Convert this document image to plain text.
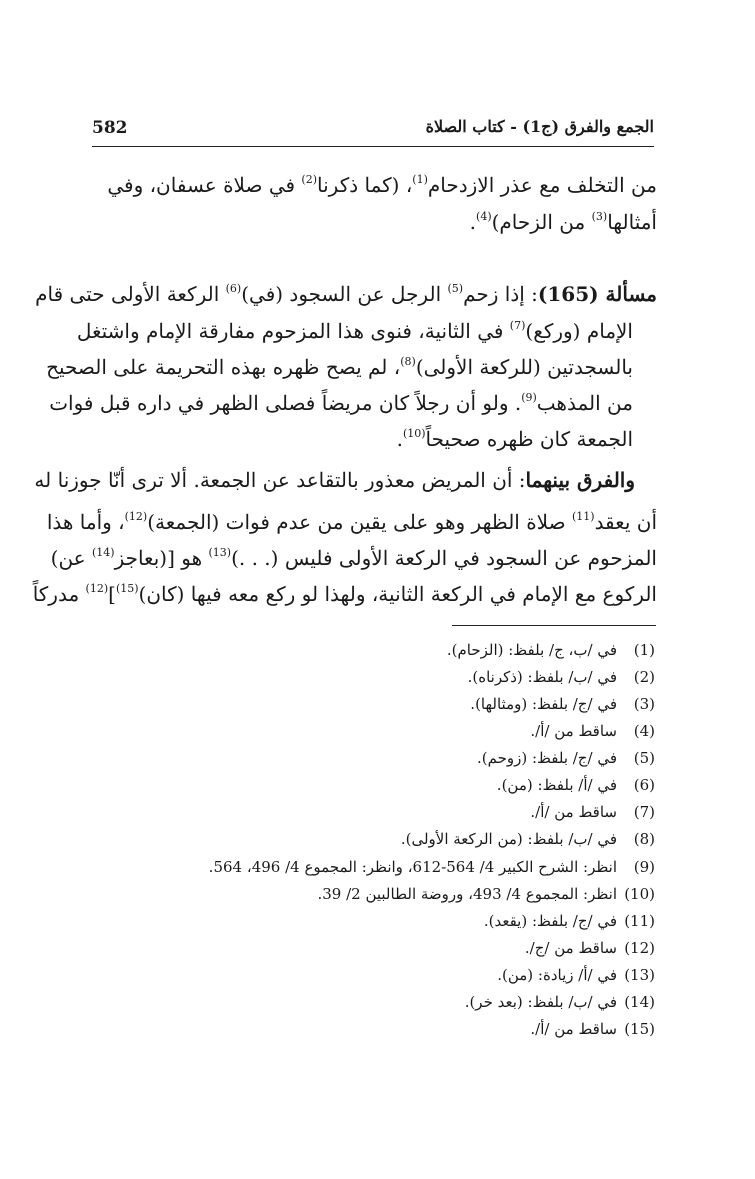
582	الجمع والفرق (ج1) - كتاب الصلاة
من التخلف مع عذر الازدحام$^{(1)}$، (كما ذكرنا$^{(2)}$ في صلاة عسفان، وفي
أمثالها$^{(3)}$ من الزحام)$^{(4)}$.
مسألة (165): إذا زحم$^{(5)}$ الرجل عن السجود (في)$^{(6)}$ الركعة الأولى حتى قام
الإمام (وركع)$^{(7)}$ في الثانية، فنوى هذا المزحوم مفارقة الإمام واشتغل
بالسجدتين (للركعة الأولى)$^{(8)}$، لم يصح ظهره بهذه التحريمة على الصحيح
من المذهب$^{(9)}$. ولو أن رجلاً كان مريضاً فصلى الظهر في داره قبل فوات
الجمعة كان ظهره صحيحاً$^{(10)}$.
والفرق بينهما: أن المريض معذور بالتقاعد عن الجمعة. ألا ترى أنّا جوزنا له
أن يعقد$^{(11)}$ صلاة الظهر وهو على يقين من عدم فوات (الجمعة)$^{(12)}$، وأما هذا
المزحوم عن السجود في الركعة الأولى فليس (. . .)$^{(13)}$ هو [(بعاجز$^{(14)}$ عن)
الركوع مع الإمام في الركعة الثانية، ولهذا لو ركع معه فيها (كان)$^{(15)}$]$^{(12)}$ مدركاً
(1)في /ب، ج/ بلفظ: (الزحام).
(2)في /ب/ بلفظ: (ذكرناه).
(3)في /ج/ بلفظ: (ومثالها).
(4)ساقط من /أ/.
(5)في /ج/ بلفظ: (زوحم).
(6)في /أ/ بلفظ: (من).
(7)ساقط من /أ/.
(8)في /ب/ بلفظ: (من الركعة الأولى).
(9)انظر: الشرح الكبير 4/ 564-612، وانظر: المجموع 4/ 496، 564.
(10)انظر: المجموع 4/ 493، وروضة الطالبين 2/ 39.
(11)في /ج/ بلفظ: (يقعد).
(12)ساقط من /ج/.
(13)في /أ/ زيادة: (من).
(14)في /ب/ بلفظ: (بعد خر).
(15)ساقط من /أ/.
